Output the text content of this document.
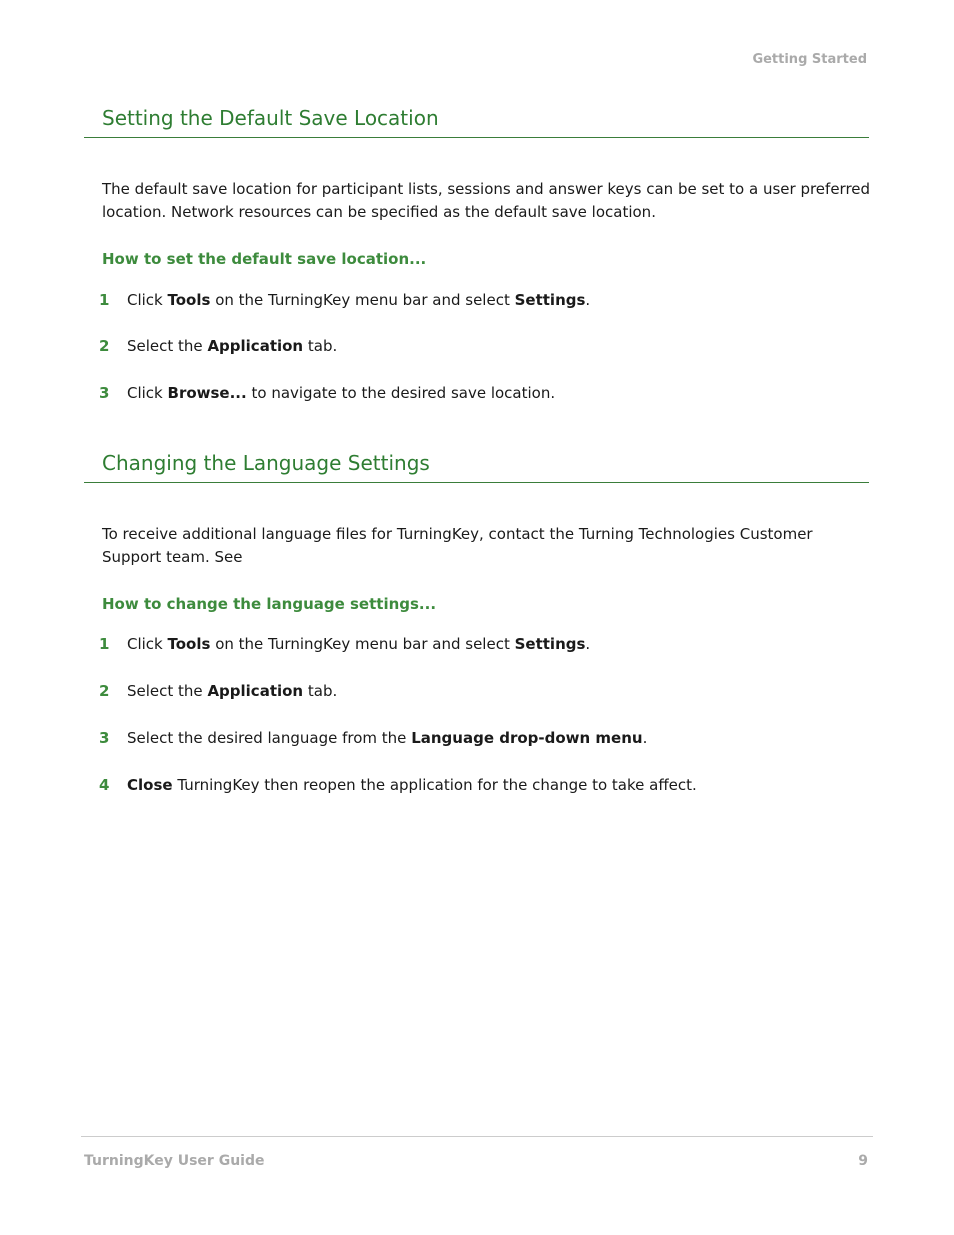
Getting Started
Setting the Default Save Location

The default save location for participant lists, sessions and answer keys can be set to a user preferred location. Network resources can be specified as the default save location.

How to set the default save location...
1 Click Tools on the TurningKey menu bar and select Settings.
2 Select the Application tab.
3 Click Browse... to navigate to the desired save location.
Changing the Language Settings

To receive additional language files for TurningKey, contact the Turning Technologies Customer Support team. See

How to change the language settings...
1 Click Tools on the TurningKey menu bar and select Settings.
2 Select the Application tab.
3 Select the desired language from the Language drop-down menu.
4 Close TurningKey then reopen the application for the change to take affect.
TurningKey User Guide	9
